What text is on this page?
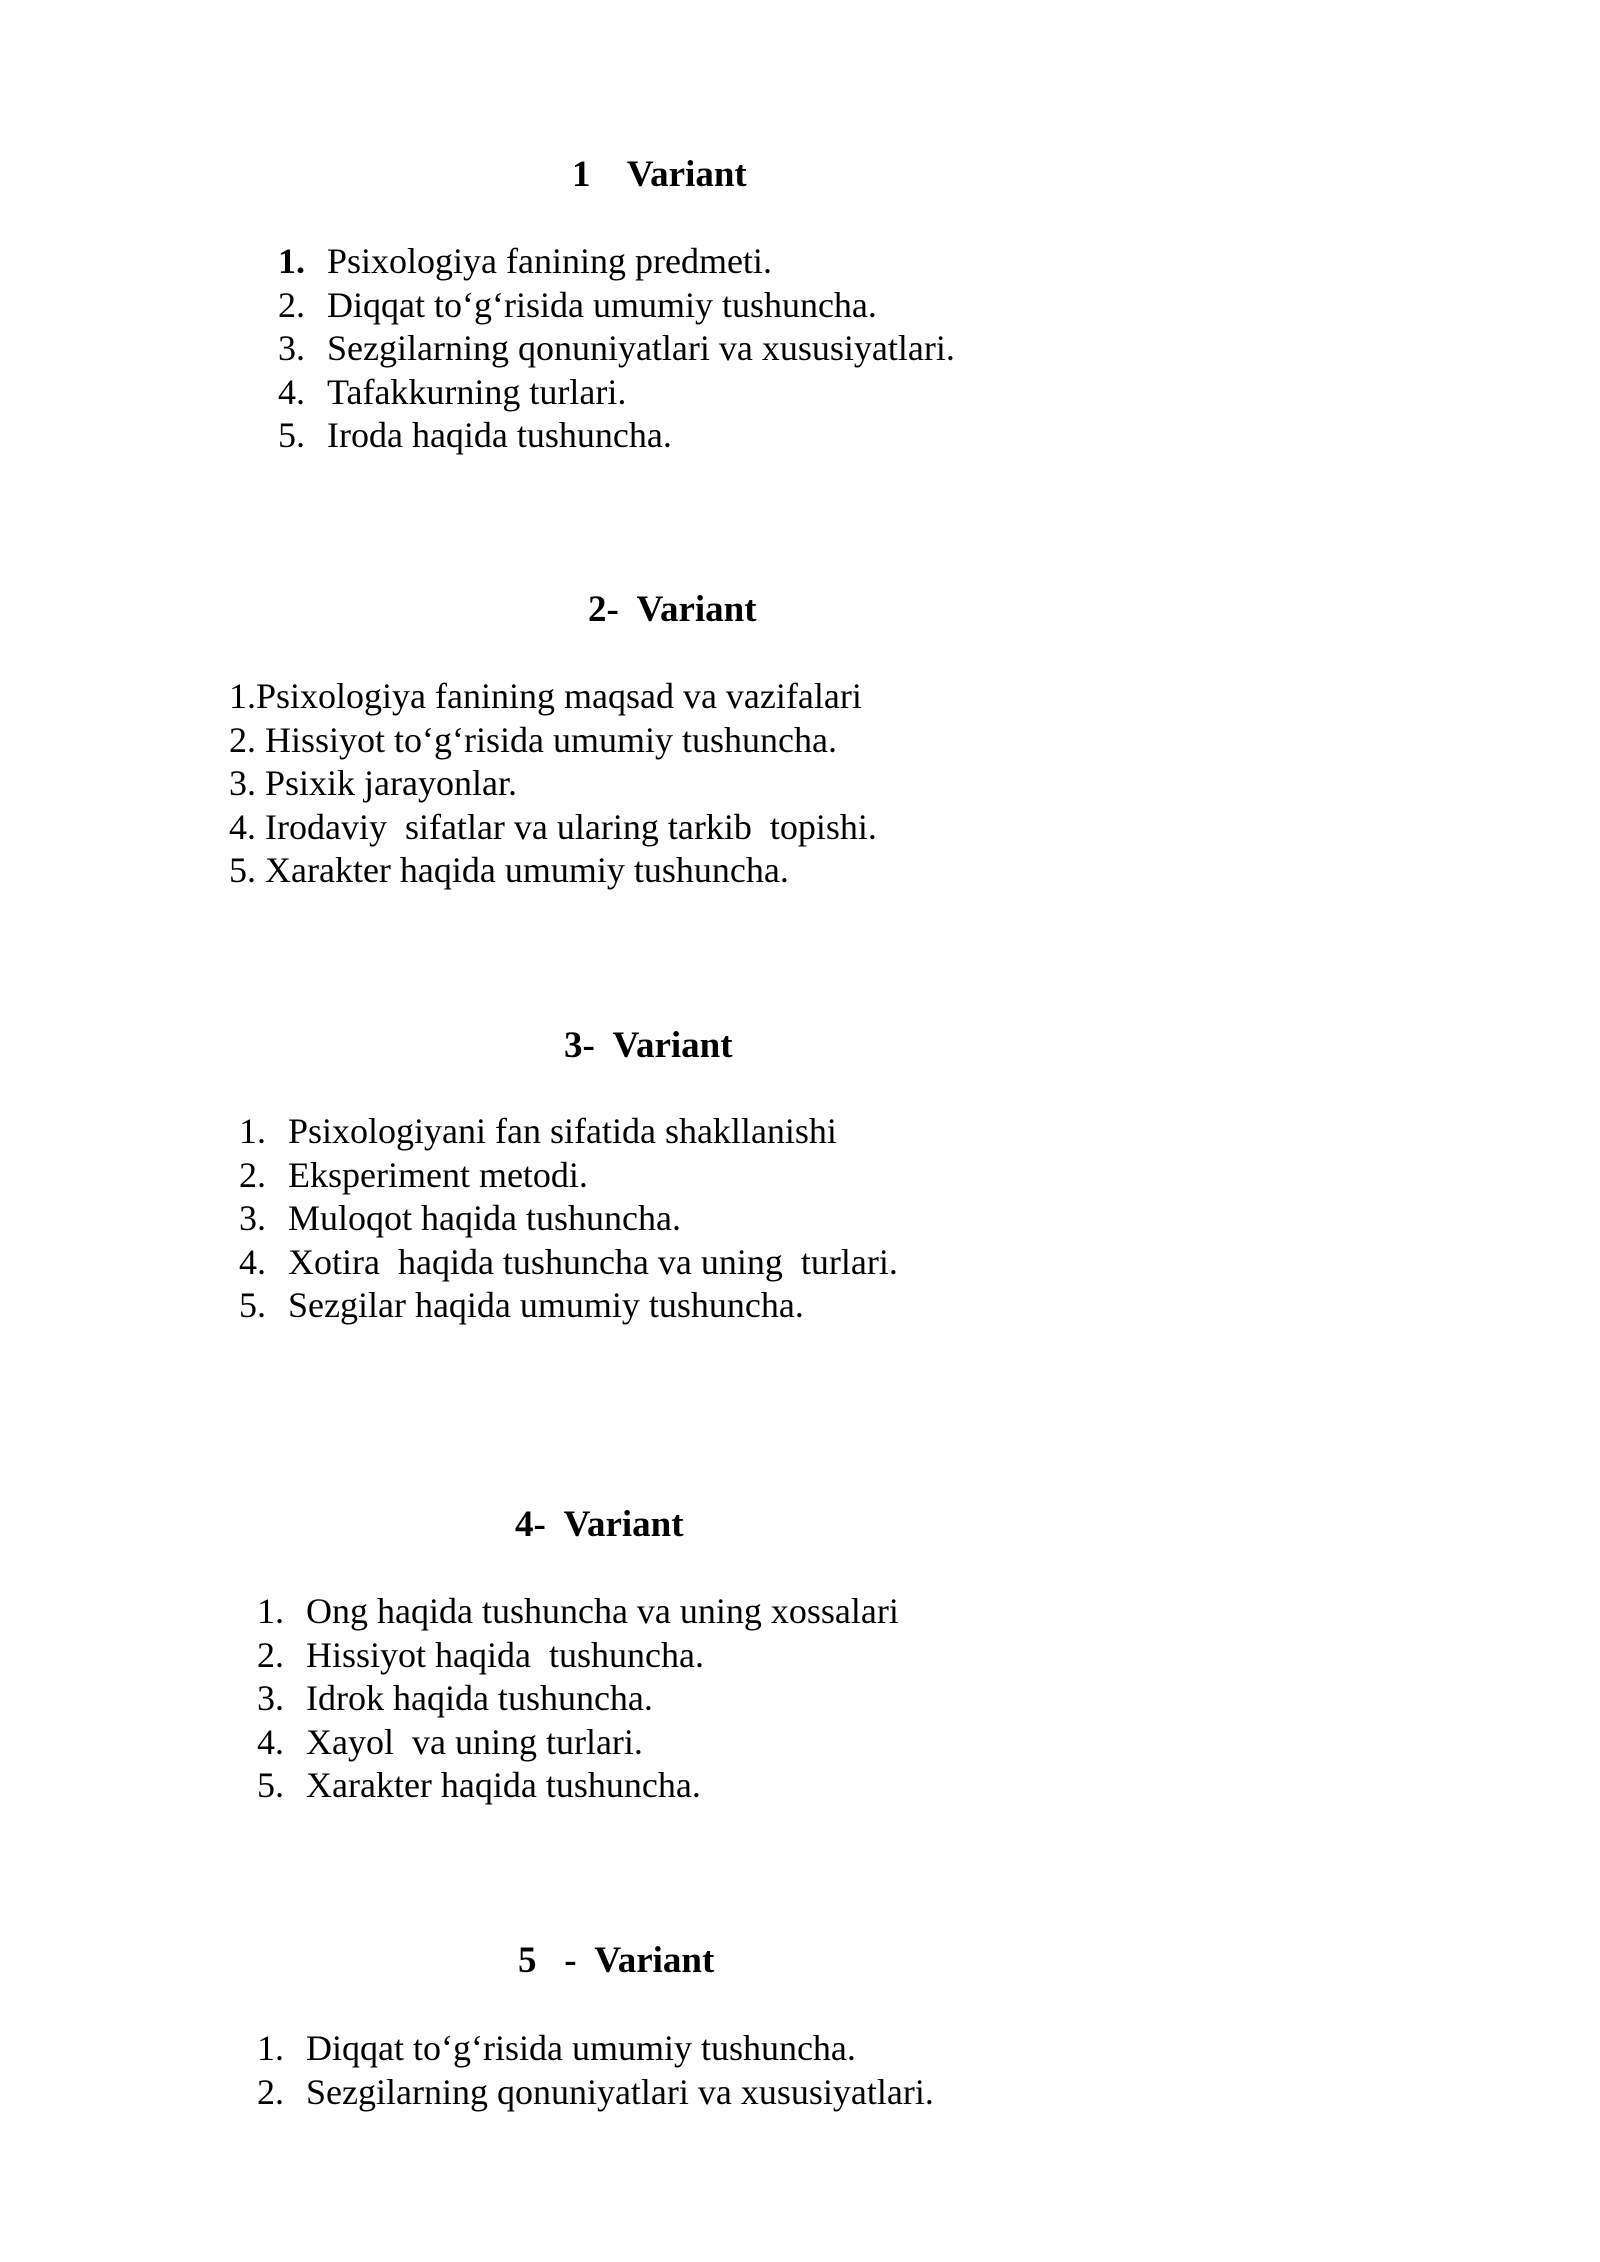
1    Variant
1. Psixologiya fanining predmeti.
2. Diqqat to‘g‘risida umumiy tushuncha.
3. Sezgilarning qonuniyatlari va xususiyatlari.
4. Tafakkurning turlari.
5. Iroda haqida tushuncha.
2-  Variant
1.Psixologiya fanining maqsad va vazifalari
2. Hissiyot to‘g‘risida umumiy tushuncha.
3. Psixik jarayonlar.
4. Irodaviy  sifatlar va ularing tarkib  topishi.
5. Xarakter haqida umumiy tushuncha.
3-  Variant
1. Psixologiyani fan sifatida shakllanishi
2. Eksperiment metodi.
3. Muloqot haqida tushuncha.
4. Xotira  haqida tushuncha va uning  turlari.
5. Sezgilar haqida umumiy tushuncha.
4-  Variant
1. Ong haqida tushuncha va uning xossalari
2. Hissiyot haqida  tushuncha.
3. Idrok haqida tushuncha.
4. Xayol  va uning turlari.
5. Xarakter haqida tushuncha.
5   -  Variant
1. Diqqat to‘g‘risida umumiy tushuncha.
2. Sezgilarning qonuniyatlari va xususiyatlari.
